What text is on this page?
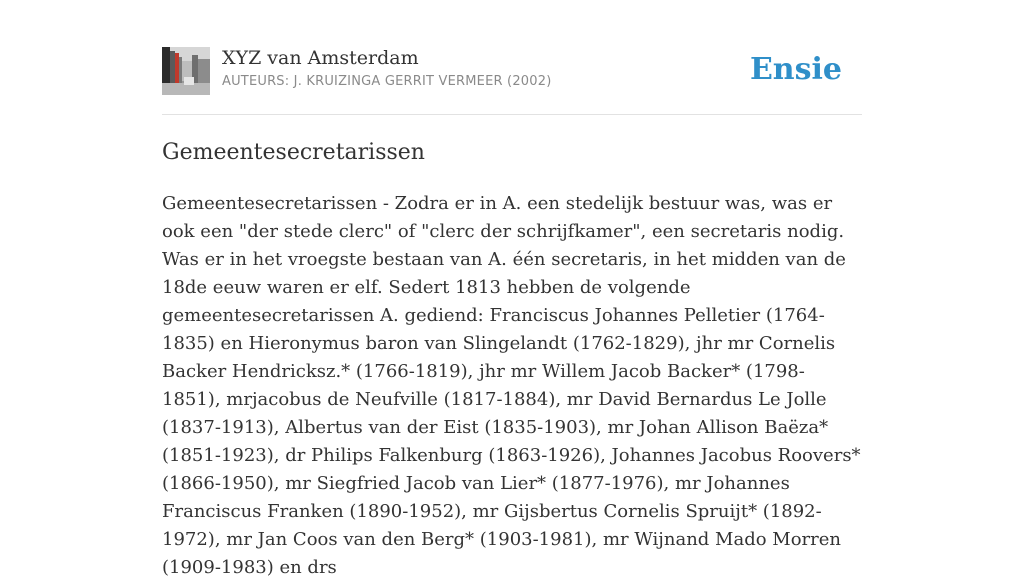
XYZ van Amsterdam
AUTEURS: J. KRUIZINGA GERRIT VERMEER (2002)	Ensie
Gemeentesecretarissen

Gemeentesecretarissen - Zodra er in A. een stedelijk bestuur was, was er ook een "der stede clerc" of "clerc der schrijfkamer", een secretaris nodig. Was er in het vroegste bestaan van A. één secretaris, in het midden van de 18de eeuw waren er elf. Sedert 1813 hebben de volgende gemeentesecretarissen A. gediend: Franciscus Johannes Pelletier (1764-1835) en Hieronymus baron van Slingelandt (1762-1829), jhr mr Cornelis Backer Hendricksz.* (1766-1819), jhr mr Willem Jacob Backer* (1798-1851), mrjacobus de Neufville (1817-1884), mr David Bernardus Le Jolle (1837-1913), Albertus van der Eist (1835-1903), mr Johan Allison Baëza* (1851-1923), dr Philips Falkenburg (1863-1926), Johannes Jacobus Roovers* (1866-1950), mr Siegfried Jacob van Lier* (1877-1976), mr Johannes Franciscus Franken (1890-1952), mr Gijsbertus Cornelis Spruijt* (1892-1972), mr Jan Coos van den Berg* (1903-1981), mr Wijnand Mado Morren (1909-1983) en drs
